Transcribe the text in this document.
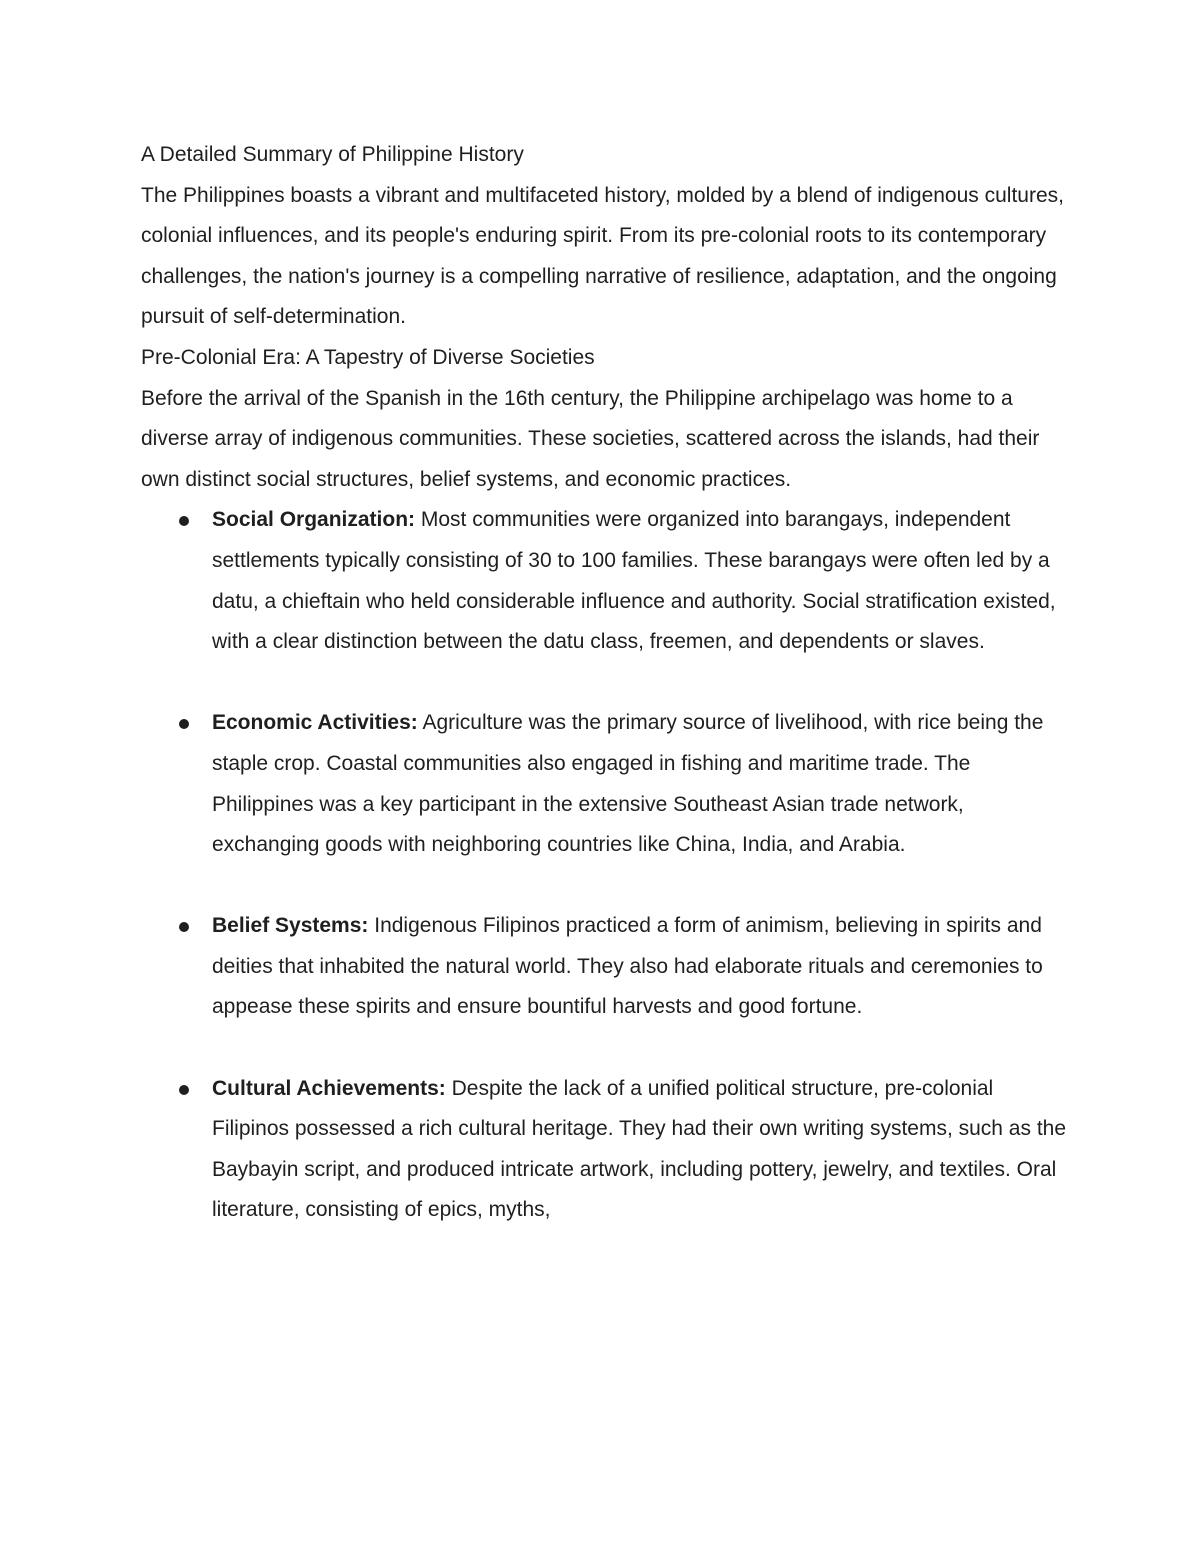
A Detailed Summary of Philippine History

The Philippines boasts a vibrant and multifaceted history, molded by a blend of indigenous cultures, colonial influences, and its people's enduring spirit. From its pre-colonial roots to its contemporary challenges, the nation's journey is a compelling narrative of resilience, adaptation, and the ongoing pursuit of self-determination.

Pre-Colonial Era: A Tapestry of Diverse Societies

Before the arrival of the Spanish in the 16th century, the Philippine archipelago was home to a diverse array of indigenous communities. These societies, scattered across the islands, had their own distinct social structures, belief systems, and economic practices.

Social Organization: Most communities were organized into barangays, independent settlements typically consisting of 30 to 100 families. These barangays were often led by a datu, a chieftain who held considerable influence and authority. Social stratification existed, with a clear distinction between the datu class, freemen, and dependents or slaves.
Economic Activities: Agriculture was the primary source of livelihood, with rice being the staple crop. Coastal communities also engaged in fishing and maritime trade. The Philippines was a key participant in the extensive Southeast Asian trade network, exchanging goods with neighboring countries like China, India, and Arabia.
Belief Systems: Indigenous Filipinos practiced a form of animism, believing in spirits and deities that inhabited the natural world. They also had elaborate rituals and ceremonies to appease these spirits and ensure bountiful harvests and good fortune.
Cultural Achievements: Despite the lack of a unified political structure, pre-colonial Filipinos possessed a rich cultural heritage. They had their own writing systems, such as the Baybayin script, and produced intricate artwork, including pottery, jewelry, and textiles. Oral literature, consisting of epics, myths,
